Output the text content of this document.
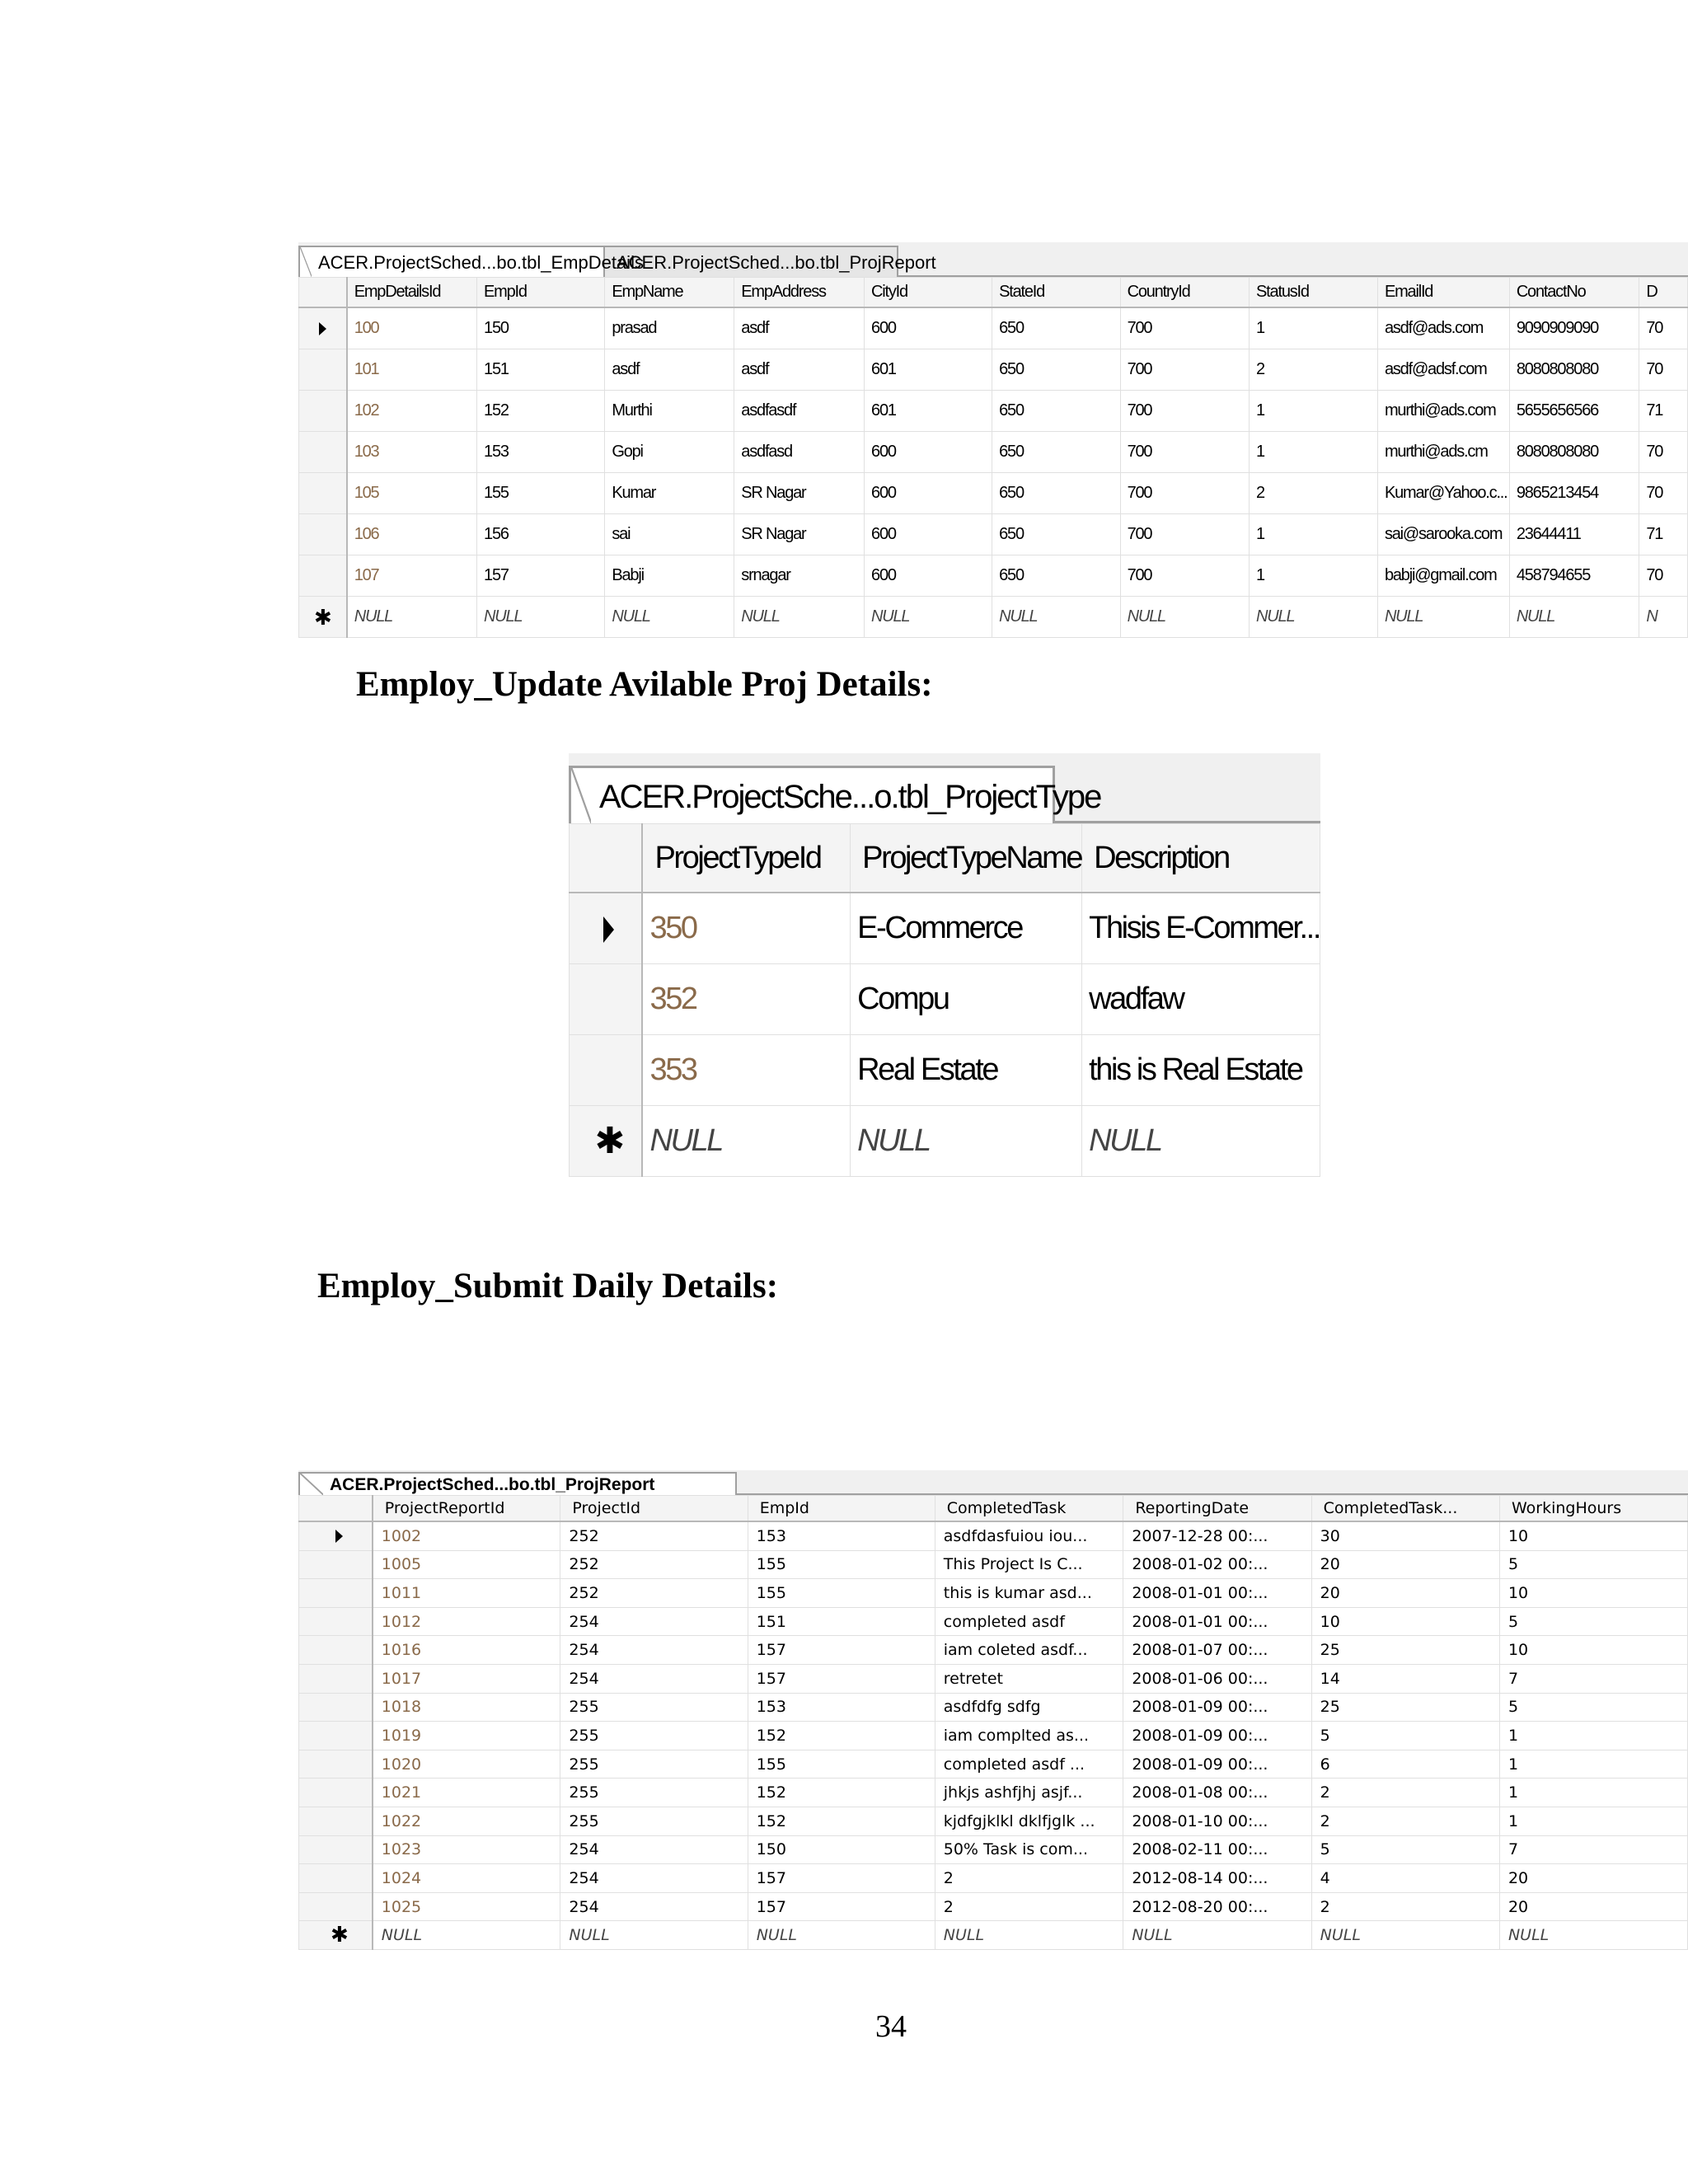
ACER.ProjectSched...bo.tbl_EmpDetails
ACER.ProjectSched...bo.tbl_ProjReport
	EmpDetailsId	EmpId	EmpName	EmpAddress	CityId	StateId	CountryId	StatusId	EmailId	ContactNo	D
	100	150	prasad	asdf	600	650	700	1	asdf@ads.com	9090909090	70
	101	151	asdf	asdf	601	650	700	2	asdf@adsf.com	8080808080	70
	102	152	Murthi	asdfasdf	601	650	700	1	murthi@ads.com	5655656566	71
	103	153	Gopi	asdfasd	600	650	700	1	murthi@ads.cm	8080808080	70
	105	155	Kumar	SR Nagar	600	650	700	2	Kumar@Yahoo.c...	9865213454	70
	106	156	sai	SR Nagar	600	650	700	1	sai@sarooka.com	23644411	71
	107	157	Babji	srnagar	600	650	700	1	babji@gmail.com	458794655	70
✱	NULL	NULL	NULL	NULL	NULL	NULL	NULL	NULL	NULL	NULL	N
Employ_Update Avilable Proj Details:
ACER.ProjectSche...o.tbl_ProjectType
	ProjectTypeId	ProjectTypeName	Description
	350	E-Commerce	Thisis E-Commer...
	352	Compu	wadfaw
	353	Real Estate	this is Real Estate
✱	NULL	NULL	NULL
Employ_Submit Daily Details:
ACER.ProjectSched...bo.tbl_ProjReport
	ProjectReportId	ProjectId	EmpId	CompletedTask	ReportingDate	CompletedTask...	WorkingHours
	1002	252	153	asdfdasfuiou iou...	2007-12-28 00:...	30	10
	1005	252	155	This Project Is C...	2008-01-02 00:...	20	5
	1011	252	155	this is kumar asd...	2008-01-01 00:...	20	10
	1012	254	151	completed asdf	2008-01-01 00:...	10	5
	1016	254	157	iam coleted asdf...	2008-01-07 00:...	25	10
	1017	254	157	retretet	2008-01-06 00:...	14	7
	1018	255	153	asdfdfg sdfg	2008-01-09 00:...	25	5
	1019	255	152	iam complted as...	2008-01-09 00:...	5	1
	1020	255	155	completed asdf ...	2008-01-09 00:...	6	1
	1021	255	152	jhkjs ashfjhj asjf...	2008-01-08 00:...	2	1
	1022	255	152	kjdfgjklkl dklfjglk ...	2008-01-10 00:...	2	1
	1023	254	150	50% Task is com...	2008-02-11 00:...	5	7
	1024	254	157	2	2012-08-14 00:...	4	20
	1025	254	157	2	2012-08-20 00:...	2	20
✱	NULL	NULL	NULL	NULL	NULL	NULL	NULL
34
